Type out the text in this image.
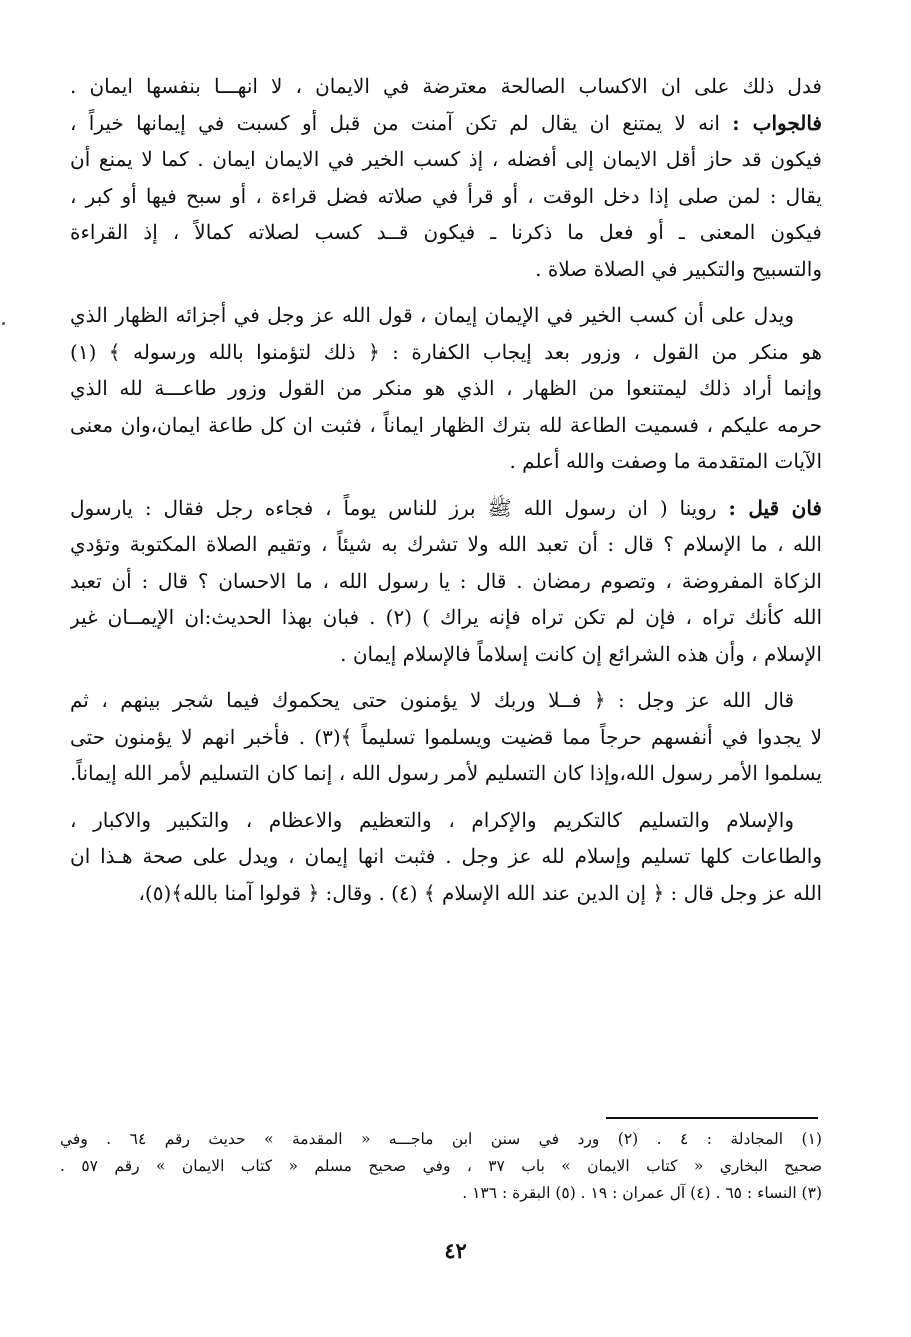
فدل ذلك على ان الاكساب الصالحة معترضة في الايمان ، لا انهـــا بنفسها ايمان .
فالجواب : انه لا يمتنع ان يقال لم تكن آمنت من قبل أو كسبت في إيمانها خيراً ،
فيكون قد حاز أقل الايمان إلى أفضله ، إذ كسب الخير في الايمان ايمان . كما لا يمنع أن
يقال : لمن صلى إذا دخل الوقت ، أو قرأ في صلاته فضل قراءة ، أو سبح فيها أو كبر ،
فيكون المعنى ـ أو فعل ما ذكرنا ـ فيكون قــد كسب لصلاته كمالاً ، إذ القراءة
والتسبيح والتكبير في الصلاة صلاة .
ويدل على أن كسب الخير في الإيمان إيمان ، قول الله عز وجل في أجزائه الظهار الذي
هو منكر من القول ، وزور بعد إيجاب الكفارة : ﴿ ذلك لتؤمنوا بالله ورسوله ﴾ (١)
وإنما أراد ذلك ليمتنعوا من الظهار ، الذي هو منكر من القول وزور طاعـــة لله الذي
حرمه عليكم ، فسميت الطاعة لله بترك الظهار ايماناً ، فثبت ان كل طاعة ايمان،وان معنى
الآيات المتقدمة ما وصفت والله أعلم .
فان قيل : روينا ( ان رسول الله ﷺ برز للناس يوماً ، فجاءه رجل فقال : يارسول
الله ، ما الإسلام ؟ قال : أن تعبد الله ولا تشرك به شيئاً ، وتقيم الصلاة المكتوبة وتؤدي
الزكاة المفروضة ، وتصوم رمضان . قال : يا رسول الله ، ما الاحسان ؟ قال : أن تعبد
الله كأنك تراه ، فإن لم تكن تراه فإنه يراك ) (٢) . فبان بهذا الحديث:ان الإيمــان غير
الإسلام ، وأن هذه الشرائع إن كانت إسلاماً فالإسلام إيمان .
قال الله عز وجل : ﴿ فــلا وربك لا يؤمنون حتى يحكموك فيما شجر بينهم ، ثم
لا يجدوا في أنفسهم حرجاً مما قضيت ويسلموا تسليماً ﴾(٣) . فأخبر انهم لا يؤمنون حتى
يسلموا الأمر رسول الله،وإذا كان التسليم لأمر رسول الله ، إنما كان التسليم لأمر الله إيماناً.
والإسلام والتسليم كالتكريم والإكرام ، والتعظيم والاعظام ، والتكبير والاكبار ،
والطاعات كلها تسليم وإسلام لله عز وجل . فثبت انها إيمان ، ويدل على صحة هـذا ان
الله عز وجل قال : ﴿ إن الدين عند الله الإسلام ﴾ (٤) . وقال: ﴿ قولوا آمنا بالله﴾(٥)،
(١) المجادلة : ٤ . (٢) ورد في سنن ابن ماجـــه « المقدمة » حديث رقم ٦٤ . وفي
صحيح البخاري « كتاب الايمان » باب ٣٧ ، وفي صحيح مسلم « كتاب الايمان » رقم ٥٧ .
(٣) النساء : ٦٥ . (٤) آل عمران : ١٩ . (٥) البقرة : ١٣٦ .
٤٢
